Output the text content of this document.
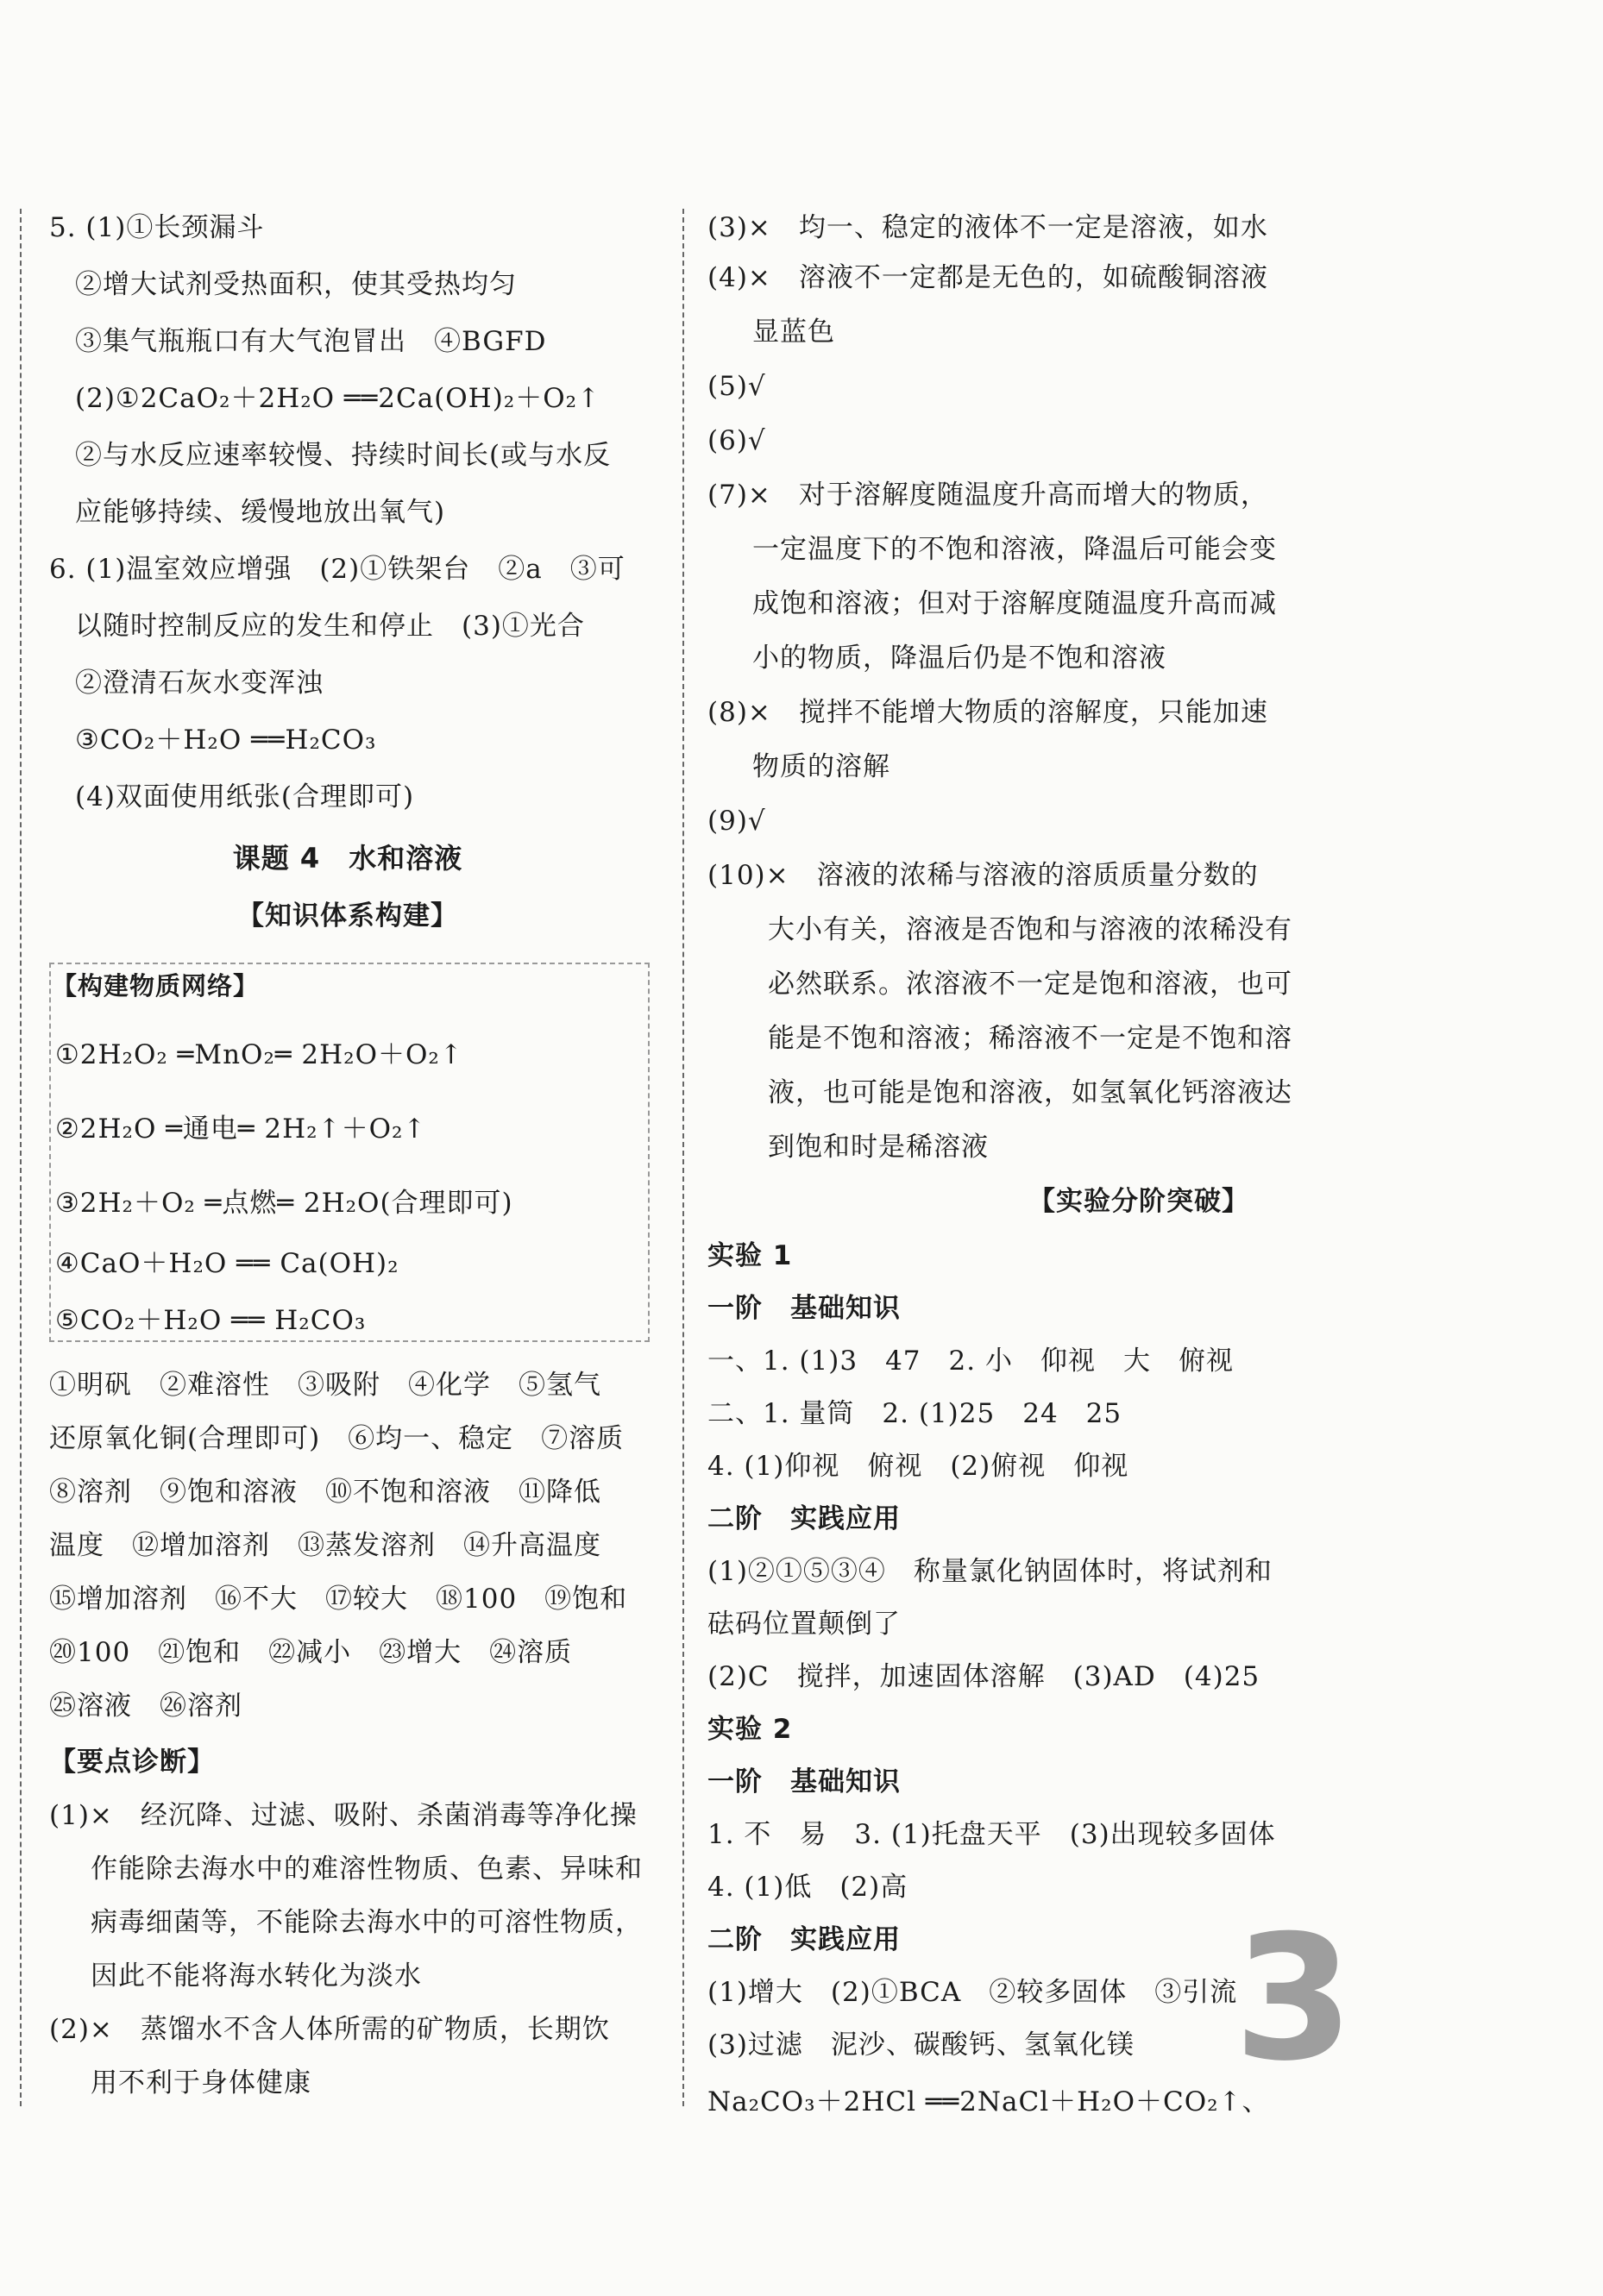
5. (1)①长颈漏斗
②增大试剂受热面积，使其受热均匀
③集气瓶瓶口有大气泡冒出　④BGFD
(2)①2CaO₂＋2H₂O ══2Ca(OH)₂＋O₂↑
②与水反应速率较慢、持续时间长(或与水反
应能够持续、缓慢地放出氧气)
6. (1)温室效应增强　(2)①铁架台　②a　③可
以随时控制反应的发生和停止　(3)①光合
②澄清石灰水变浑浊
③CO₂＋H₂O ══H₂CO₃
(4)双面使用纸张(合理即可)
课题 4　水和溶液
【知识体系构建】
【构建物质网络】
①2H₂O₂ ═MnO₂═ 2H₂O＋O₂↑
②2H₂O ═通电═ 2H₂↑＋O₂↑
③2H₂＋O₂ ═点燃═ 2H₂O(合理即可)
④CaO＋H₂O ══ Ca(OH)₂
⑤CO₂＋H₂O ══ H₂CO₃
①明矾　②难溶性　③吸附　④化学　⑤氢气
还原氧化铜(合理即可)　⑥均一、稳定　⑦溶质
⑧溶剂　⑨饱和溶液　⑩不饱和溶液　⑪降低
温度　⑫增加溶剂　⑬蒸发溶剂　⑭升高温度
⑮增加溶剂　⑯不大　⑰较大　⑱100　⑲饱和
⑳100　㉑饱和　㉒减小　㉓增大　㉔溶质
㉕溶液　㉖溶剂
【要点诊断】
(1)×　经沉降、过滤、吸附、杀菌消毒等净化操
作能除去海水中的难溶性物质、色素、异味和
病毒细菌等，不能除去海水中的可溶性物质，
因此不能将海水转化为淡水
(2)×　蒸馏水不含人体所需的矿物质，长期饮
用不利于身体健康
(3)×　均一、稳定的液体不一定是溶液，如水
(4)×　溶液不一定都是无色的，如硫酸铜溶液
显蓝色
(5)√
(6)√
(7)×　对于溶解度随温度升高而增大的物质，
一定温度下的不饱和溶液，降温后可能会变
成饱和溶液；但对于溶解度随温度升高而减
小的物质，降温后仍是不饱和溶液
(8)×　搅拌不能增大物质的溶解度，只能加速
物质的溶解
(9)√
(10)×　溶液的浓稀与溶液的溶质质量分数的
大小有关，溶液是否饱和与溶液的浓稀没有
必然联系。浓溶液不一定是饱和溶液，也可
能是不饱和溶液；稀溶液不一定是不饱和溶
液，也可能是饱和溶液，如氢氧化钙溶液达
到饱和时是稀溶液
【实验分阶突破】
实验 1
一阶　基础知识
一、1. (1)3　47　2. 小　仰视　大　俯视
二、1. 量筒　2. (1)25　24　25
4. (1)仰视　俯视　(2)俯视　仰视
二阶　实践应用
(1)②①⑤③④　称量氯化钠固体时，将试剂和
砝码位置颠倒了
(2)C　搅拌，加速固体溶解　(3)AD　(4)25
实验 2
一阶　基础知识
1. 不　易　3. (1)托盘天平　(3)出现较多固体
4. (1)低　(2)高
二阶　实践应用
(1)增大　(2)①BCA　②较多固体　③引流
(3)过滤　泥沙、碳酸钙、氢氧化镁
Na₂CO₃＋2HCl ══2NaCl＋H₂O＋CO₂↑、
3
